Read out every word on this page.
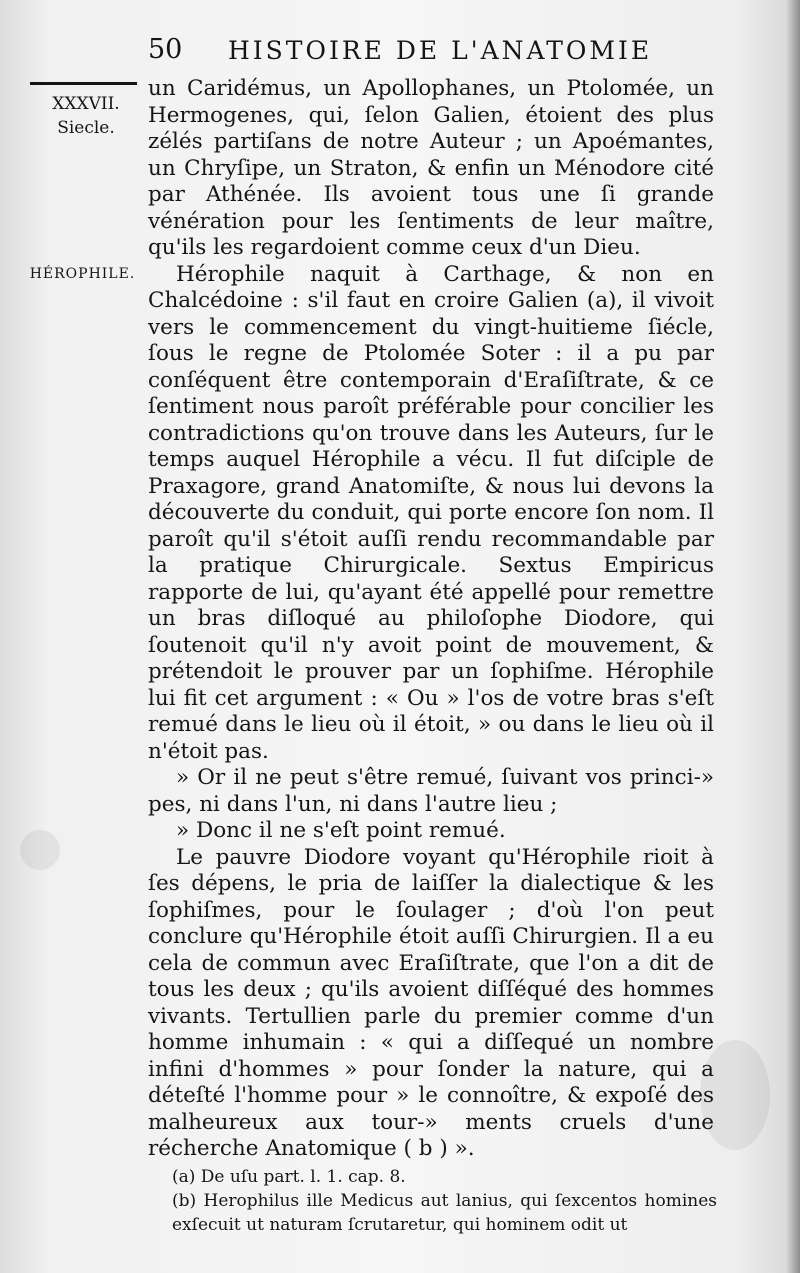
50 HISTOIRE DE L'ANATOMIE
XXXVII.
Siecle.
HÉROPHILE.

un Caridémus, un Apollophanes, un Ptolomée, un Hermogenes, qui, ſelon Galien, étoient des plus zélés partiſans de notre Auteur ; un Apoémantes, un Chryſipe, un Straton, & enfin un Ménodore cité par Athénée. Ils avoient tous une ſi grande vénération pour les ſentiments de leur maître, qu'ils les regardoient comme ceux d'un Dieu.

Hérophile naquit à Carthage, & non en Chalcédoine : s'il faut en croire Galien (a), il vivoit vers le commencement du vingt-huitieme ſiécle, ſous le regne de Ptolomée Soter : il a pu par conſéquent être contemporain d'Eraſiſtrate, & ce ſentiment nous paroît préférable pour concilier les contradictions qu'on trouve dans les Auteurs, ſur le temps auquel Hérophile a vécu. Il fut diſciple de Praxagore, grand Anatomiſte, & nous lui devons la découverte du conduit, qui porte encore ſon nom. Il paroît qu'il s'étoit auſſi rendu recommandable par la pratique Chirurgicale. Sextus Empiricus rapporte de lui, qu'ayant été appellé pour remettre un bras diſloqué au philoſophe Diodore, qui ſoutenoit qu'il n'y avoit point de mouvement, & prétendoit le prouver par un ſophiſme. Hérophile lui fit cet argument : « Ou » l'os de votre bras s'eſt remué dans le lieu où il étoit, » ou dans le lieu où il n'étoit pas.

» Or il ne peut s'être remué, ſuivant vos princi-» pes, ni dans l'un, ni dans l'autre lieu ;

» Donc il ne s'eſt point remué.

Le pauvre Diodore voyant qu'Hérophile rioit à ſes dépens, le pria de laiſſer la dialectique & les ſophiſmes, pour le ſoulager ; d'où l'on peut conclure qu'Hérophile étoit auſſi Chirurgien. Il a eu cela de commun avec Eraſiſtrate, que l'on a dit de tous les deux ; qu'ils avoient diſſéqué des hommes vivants. Tertullien parle du premier comme d'un homme inhumain : « qui a diſſequé un nombre infini d'hommes » pour ſonder la nature, qui a déteſté l'homme pour » le connoître, & expoſé des malheureux aux tour-» ments cruels d'une récherche Anatomique ( b ) ».

(a) De uſu part. l. 1. cap. 8.

(b) Herophilus ille Medicus aut lanius, qui ſexcentos homines exſecuit ut naturam ſcrutaretur, qui hominem odit ut
